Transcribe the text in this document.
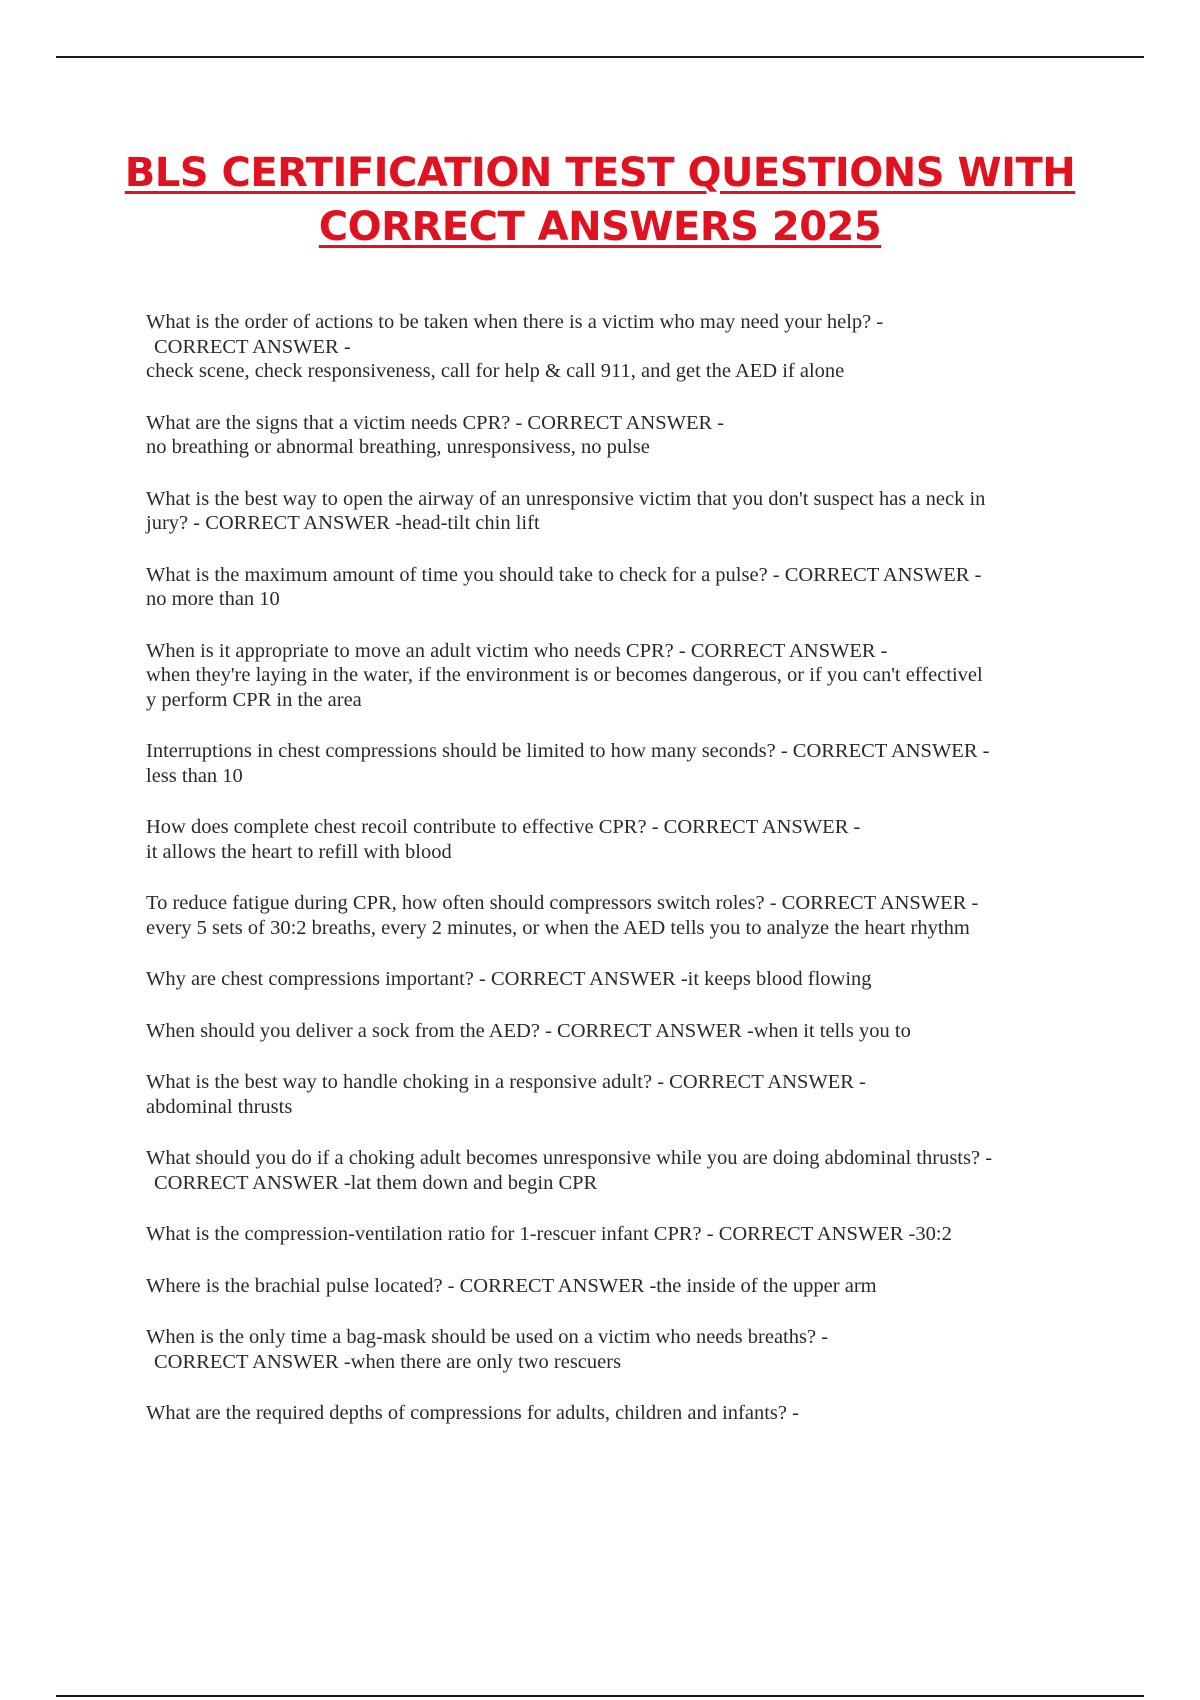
BLS CERTIFICATION TEST QUESTIONS WITH
CORRECT ANSWERS 2025
What is the order of actions to be taken when there is a victim who may need your help? -
CORRECT ANSWER -
check scene, check responsiveness, call for help & call 911, and get the AED if alone
What are the signs that a victim needs CPR? - CORRECT ANSWER -
no breathing or abnormal breathing, unresponsivess, no pulse
What is the best way to open the airway of an unresponsive victim that you don't suspect has a neck in
jury? - CORRECT ANSWER -head-tilt chin lift
What is the maximum amount of time you should take to check for a pulse? - CORRECT ANSWER -
no more than 10
When is it appropriate to move an adult victim who needs CPR? - CORRECT ANSWER -
when they're laying in the water, if the environment is or becomes dangerous, or if you can't effectivel
y perform CPR in the area
Interruptions in chest compressions should be limited to how many seconds? - CORRECT ANSWER -
less than 10
How does complete chest recoil contribute to effective CPR? - CORRECT ANSWER -
it allows the heart to refill with blood
To reduce fatigue during CPR, how often should compressors switch roles? - CORRECT ANSWER -
every 5 sets of 30:2 breaths, every 2 minutes, or when the AED tells you to analyze the heart rhythm
Why are chest compressions important? - CORRECT ANSWER -it keeps blood flowing
When should you deliver a sock from the AED? - CORRECT ANSWER -when it tells you to
What is the best way to handle choking in a responsive adult? - CORRECT ANSWER -
abdominal thrusts
What should you do if a choking adult becomes unresponsive while you are doing abdominal thrusts? -
CORRECT ANSWER -lat them down and begin CPR
What is the compression-ventilation ratio for 1-rescuer infant CPR? - CORRECT ANSWER -30:2
Where is the brachial pulse located? - CORRECT ANSWER -the inside of the upper arm
When is the only time a bag-mask should be used on a victim who needs breaths? -
CORRECT ANSWER -when there are only two rescuers
What are the required depths of compressions for adults, children and infants? -
